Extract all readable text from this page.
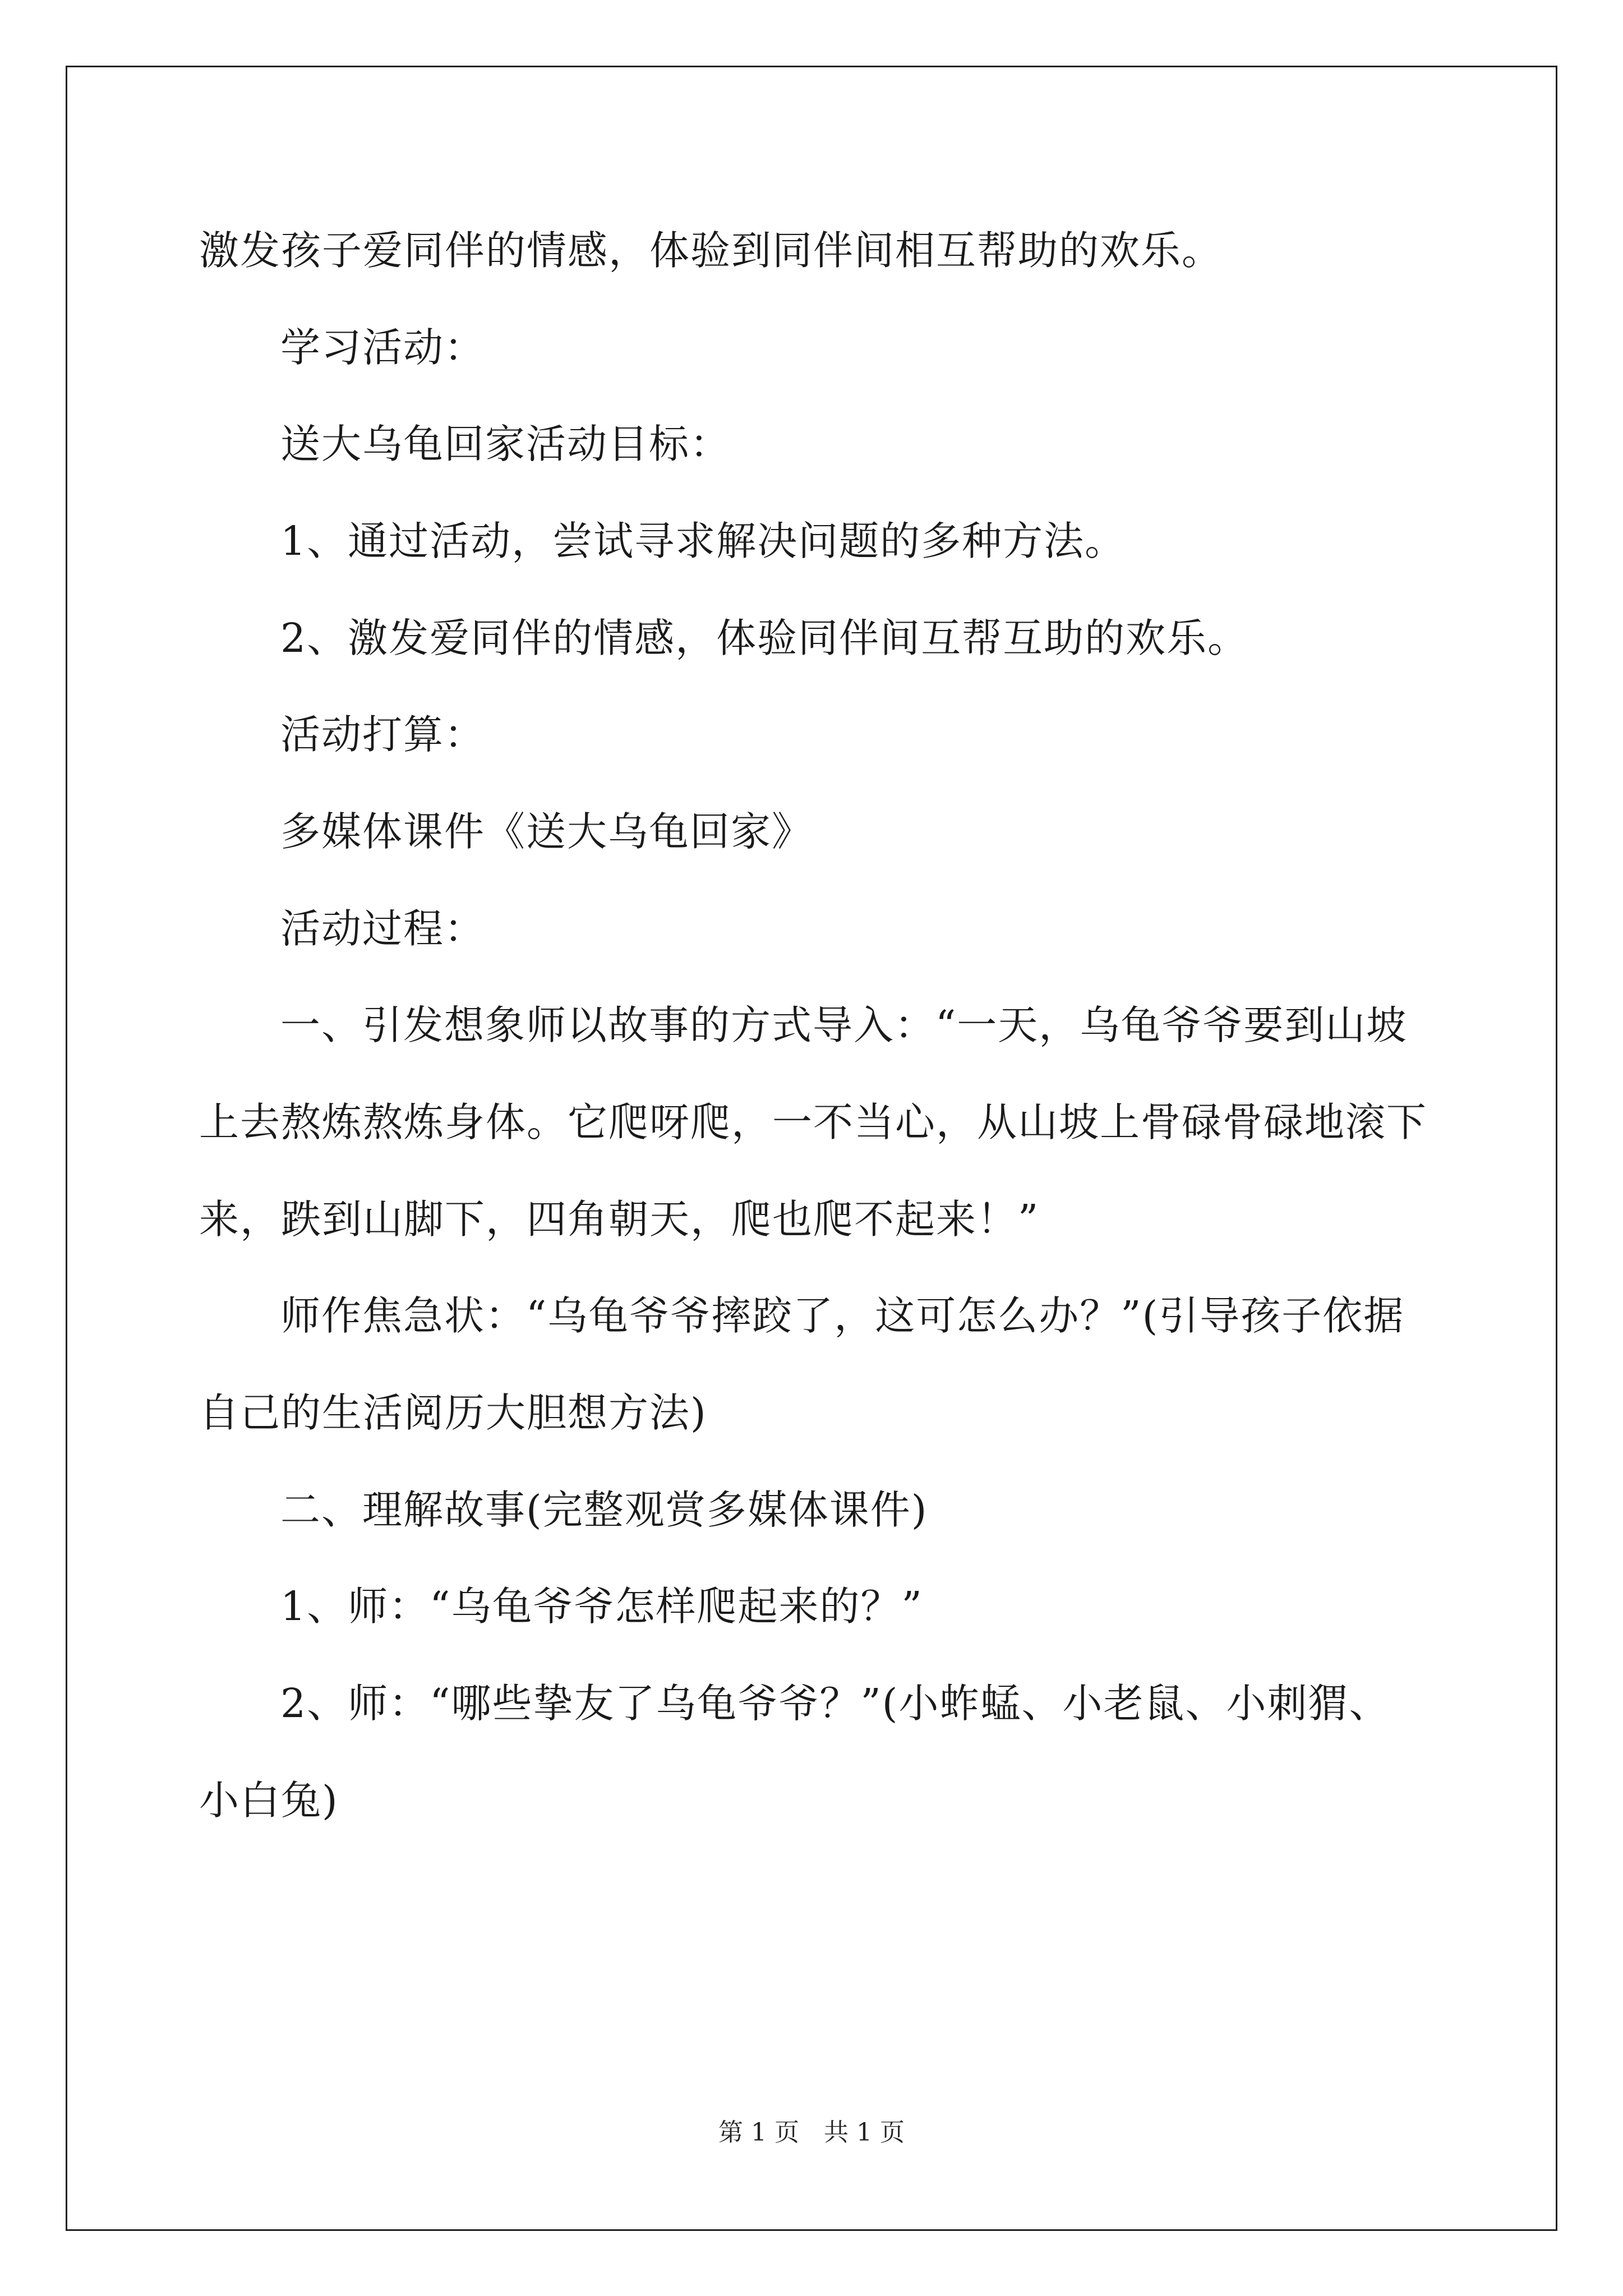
激发孩子爱同伴的情感，体验到同伴间相互帮助的欢乐。
学习活动：
送大乌龟回家活动目标：
1、通过活动，尝试寻求解决问题的多种方法。
2、激发爱同伴的情感，体验同伴间互帮互助的欢乐。
活动打算：
多媒体课件《送大乌龟回家》
活动过程：
一、引发想象师以故事的方式导入：“一天，乌龟爷爷要到山坡
上去熬炼熬炼身体。它爬呀爬，一不当心，从山坡上骨碌骨碌地滚下
来，跌到山脚下，四角朝天，爬也爬不起来！”
师作焦急状：“乌龟爷爷摔跤了，这可怎么办？”(引导孩子依据
自己的生活阅历大胆想方法)
二、理解故事(完整观赏多媒体课件)
1、师：“乌龟爷爷怎样爬起来的？”
2、师：“哪些挚友了乌龟爷爷？”(小蚱蜢、小老鼠、小刺猬、
小白兔)
第 1 页　共 1 页
